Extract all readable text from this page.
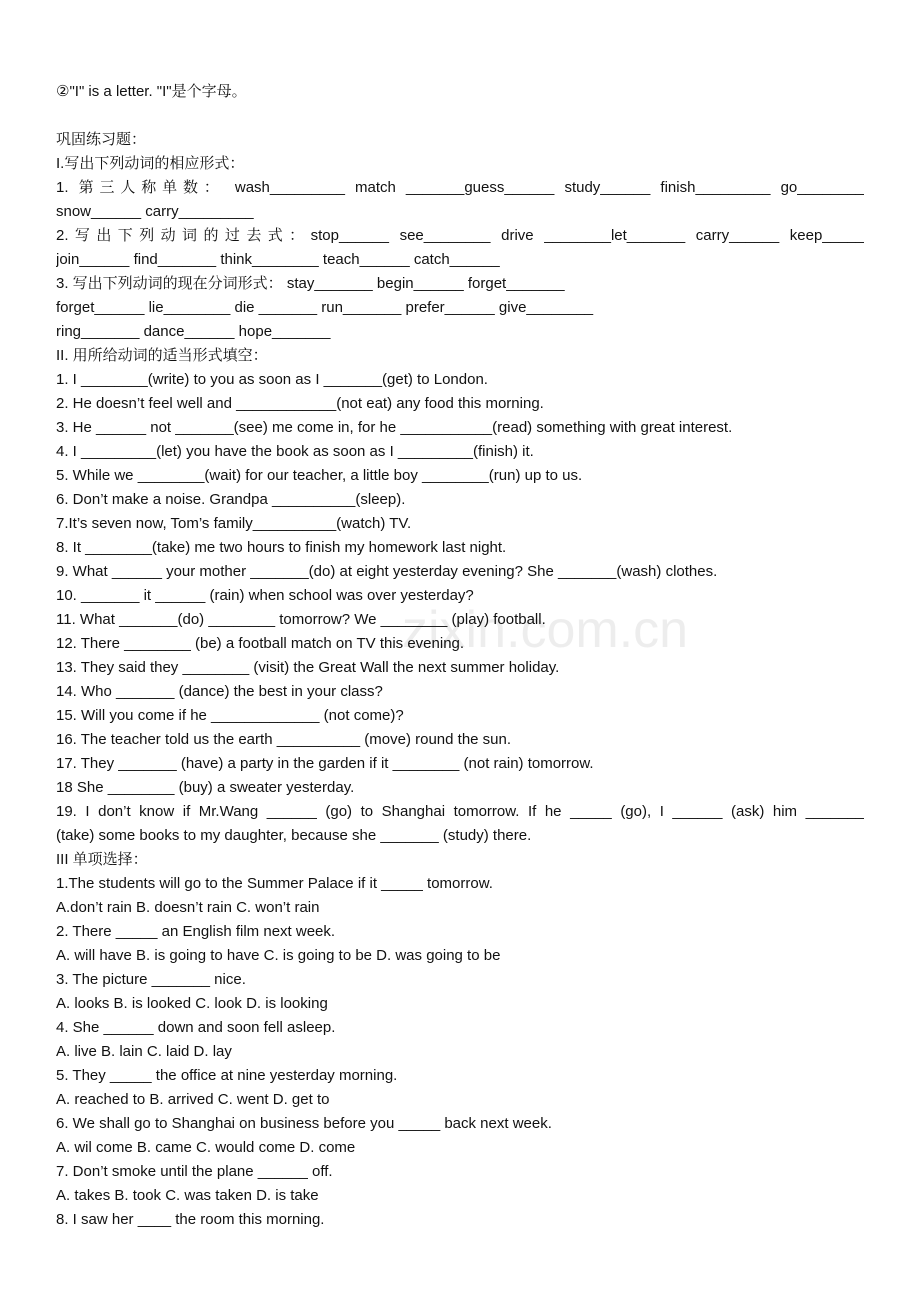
zixin.com.cn
②"I" is a letter. "I"是个字母。
巩固练习题：
I.写出下列动词的相应形式：
1. 第三人称单数： wash_________ match _______guess______ study______ finish_________ go________
snow______ carry_________
2.写出下列动词的过去式：stop______ see________ drive ________let_______ carry______ keep_____
join______ find_______ think________ teach______ catch______
3. 写出下列动词的现在分词形式： stay_______ begin______ forget_______
forget______ lie________ die _______ run_______ prefer______ give________
ring_______ dance______ hope_______
II. 用所给动词的适当形式填空：
1. I ________(write) to you as soon as I _______(get) to London.
2. He doesn’t feel well and ____________(not eat) any food this morning.
3. He ______ not _______(see) me come in, for he ___________(read) something with great interest.
4. I _________(let) you have the book as soon as I _________(finish) it.
5. While we ________(wait) for our teacher, a little boy ________(run) up to us.
6. Don’t make a noise. Grandpa __________(sleep).
7.It’s seven now, Tom’s family__________(watch) TV.
8. It ________(take) me two hours to finish my homework last night.
9. What ______ your mother _______(do) at eight yesterday evening? She _______(wash) clothes.
10. _______ it ______ (rain) when school was over yesterday?
11. What _______(do) ________ tomorrow? We ________ (play) football.
12. There ________ (be) a football match on TV this evening.
13. They said they ________ (visit) the Great Wall the next summer holiday.
14. Who _______ (dance) the best in your class?
15. Will you come if he _____________ (not come)?
16. The teacher told us the earth __________ (move) round the sun.
17. They _______ (have) a party in the garden if it ________ (not rain) tomorrow.
18 She ________ (buy) a sweater yesterday.
19. I don’t know if Mr.Wang ______ (go) to Shanghai tomorrow. If he _____ (go), I ______ (ask) him _______
(take) some books to my daughter, because she _______ (study) there.
III 单项选择：
1.The students will go to the Summer Palace if it _____ tomorrow.
A.don’t rain B. doesn’t rain C. won’t rain
2. There _____ an English film next week.
A. will have B. is going to have C. is going to be D. was going to be
3. The picture _______ nice.
A. looks B. is looked C. look D. is looking
4. She ______ down and soon fell asleep.
A. live B. lain C. laid D. lay
5. They _____ the office at nine yesterday morning.
A. reached to B. arrived C. went D. get to
6. We shall go to Shanghai on business before you _____ back next week.
A. wil come B. came C. would come D. come
7. Don’t smoke until the plane ______ off.
A. takes B. took C. was taken D. is take
8. I saw her ____ the room this morning.
